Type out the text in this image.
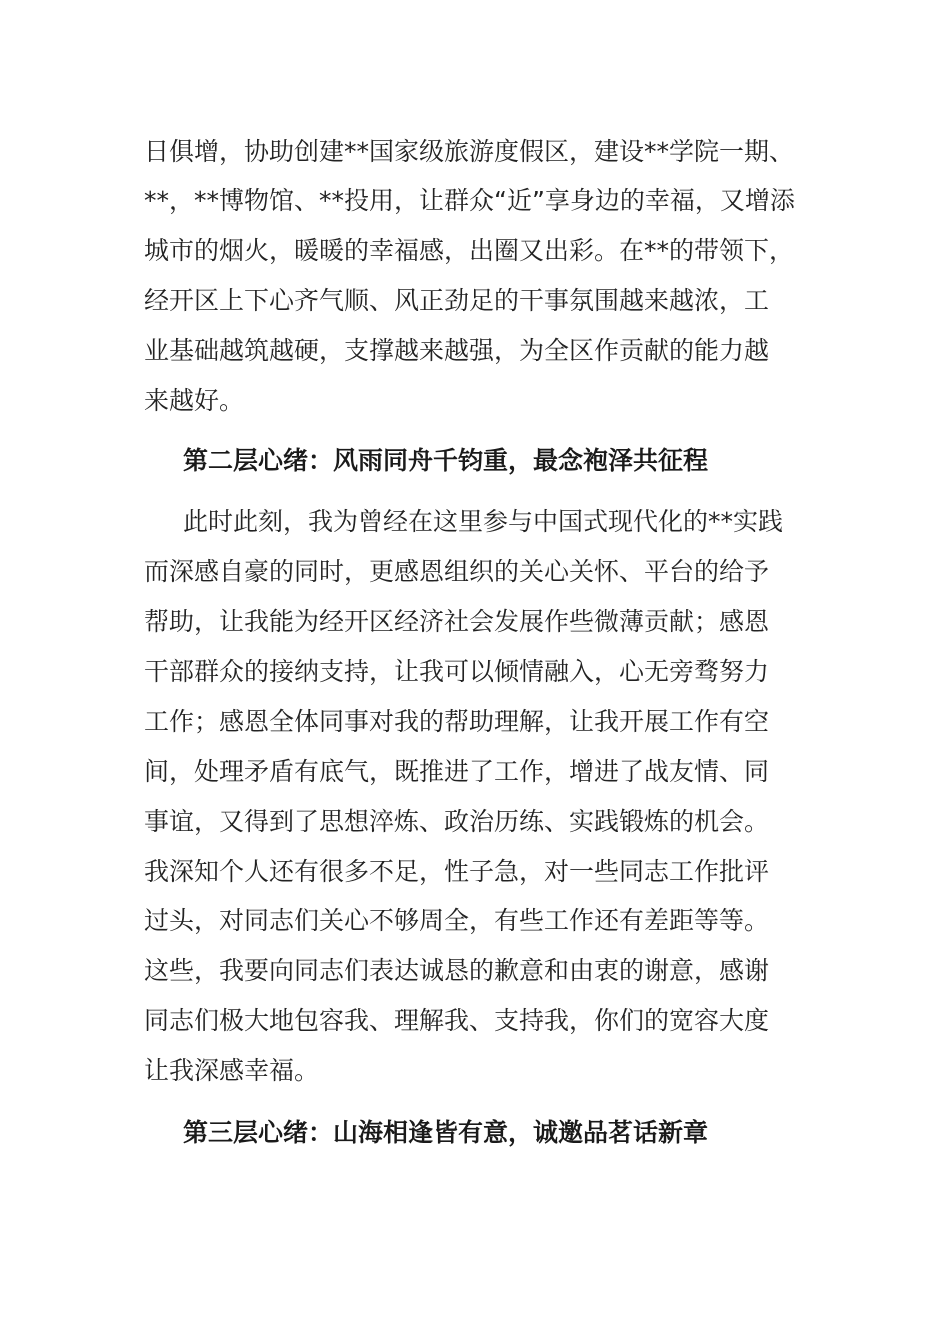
日俱增，协助创建**国家级旅游度假区，建设**学院一期、
**，**博物馆、**投用，让群众“近”享身边的幸福，又增添
城市的烟火，暖暖的幸福感，出圈又出彩。在**的带领下，
经开区上下心齐气顺、风正劲足的干事氛围越来越浓，工
业基础越筑越硬，支撑越来越强，为全区作贡献的能力越
来越好。
第二层心绪：风雨同舟千钧重，最念袍泽共征程
此时此刻，我为曾经在这里参与中国式现代化的**实践
而深感自豪的同时，更感恩组织的关心关怀、平台的给予
帮助，让我能为经开区经济社会发展作些微薄贡献；感恩
干部群众的接纳支持，让我可以倾情融入，心无旁骛努力
工作；感恩全体同事对我的帮助理解，让我开展工作有空
间，处理矛盾有底气，既推进了工作，增进了战友情、同
事谊，又得到了思想淬炼、政治历练、实践锻炼的机会。
我深知个人还有很多不足，性子急，对一些同志工作批评
过头，对同志们关心不够周全，有些工作还有差距等等。
这些，我要向同志们表达诚恳的歉意和由衷的谢意，感谢
同志们极大地包容我、理解我、支持我，你们的宽容大度
让我深感幸福。
第三层心绪：山海相逢皆有意，诚邀品茗话新章
